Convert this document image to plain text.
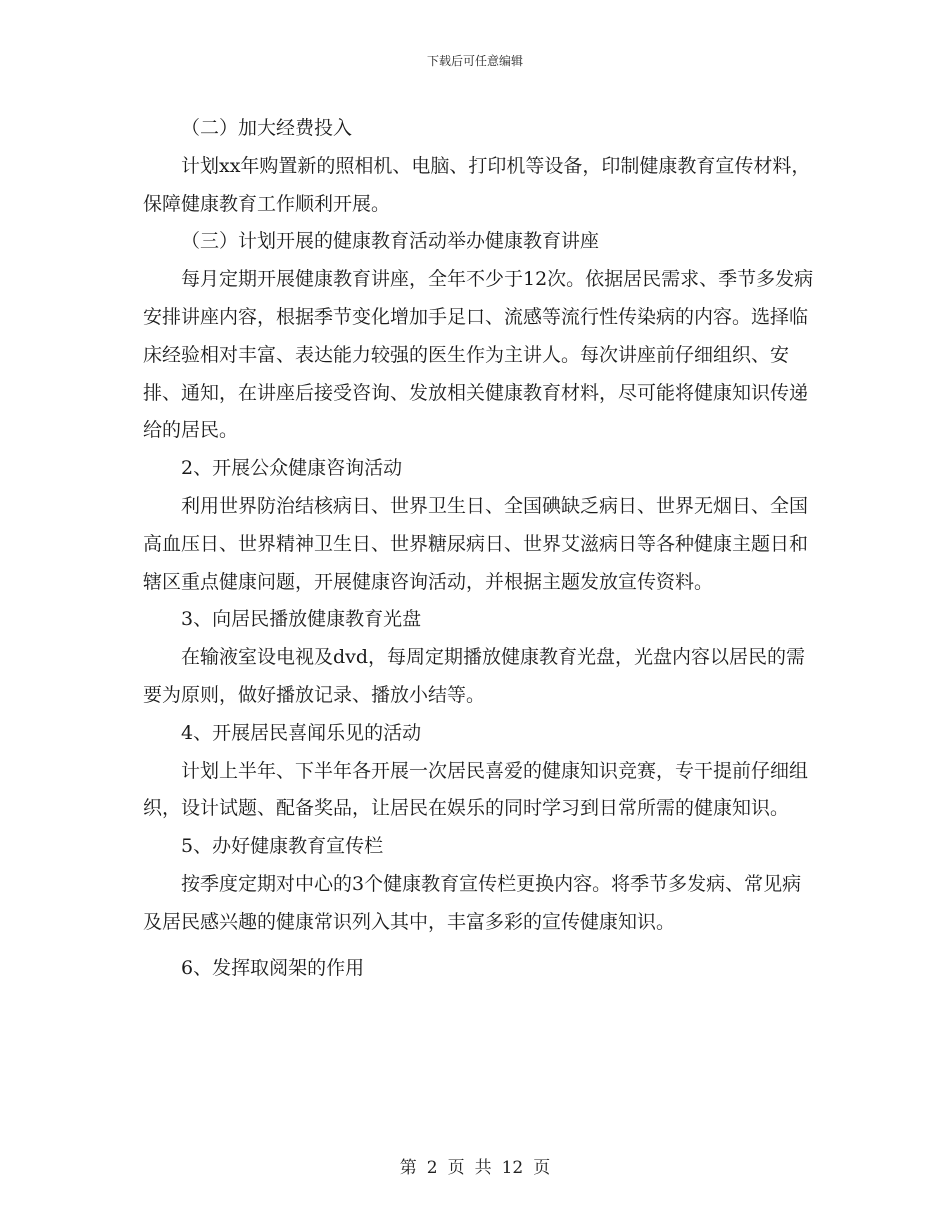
下载后可任意编辑

（二）加大经费投入

计划xx年购置新的照相机、电脑、打印机等设备，印制健康教育宣传材料，保障健康教育工作顺利开展。

（三）计划开展的健康教育活动举办健康教育讲座

每月定期开展健康教育讲座，全年不少于12次。依据居民需求、季节多发病安排讲座内容，根据季节变化增加手足口、流感等流行性传染病的内容。选择临床经验相对丰富、表达能力较强的医生作为主讲人。每次讲座前仔细组织、安排、通知，在讲座后接受咨询、发放相关健康教育材料，尽可能将健康知识传递给的居民。

2、开展公众健康咨询活动

利用世界防治结核病日、世界卫生日、全国碘缺乏病日、世界无烟日、全国高血压日、世界精神卫生日、世界糖尿病日、世界艾滋病日等各种健康主题日和辖区重点健康问题，开展健康咨询活动，并根据主题发放宣传资料。

3、向居民播放健康教育光盘

在输液室设电视及dvd，每周定期播放健康教育光盘，光盘内容以居民的需要为原则，做好播放记录、播放小结等。

4、开展居民喜闻乐见的活动

计划上半年、下半年各开展一次居民喜爱的健康知识竞赛，专干提前仔细组织，设计试题、配备奖品，让居民在娱乐的同时学习到日常所需的健康知识。

5、办好健康教育宣传栏

按季度定期对中心的3个健康教育宣传栏更换内容。将季节多发病、常见病及居民感兴趣的健康常识列入其中，丰富多彩的宣传健康知识。

6、发挥取阅架的作用

第 2 页 共 12 页
